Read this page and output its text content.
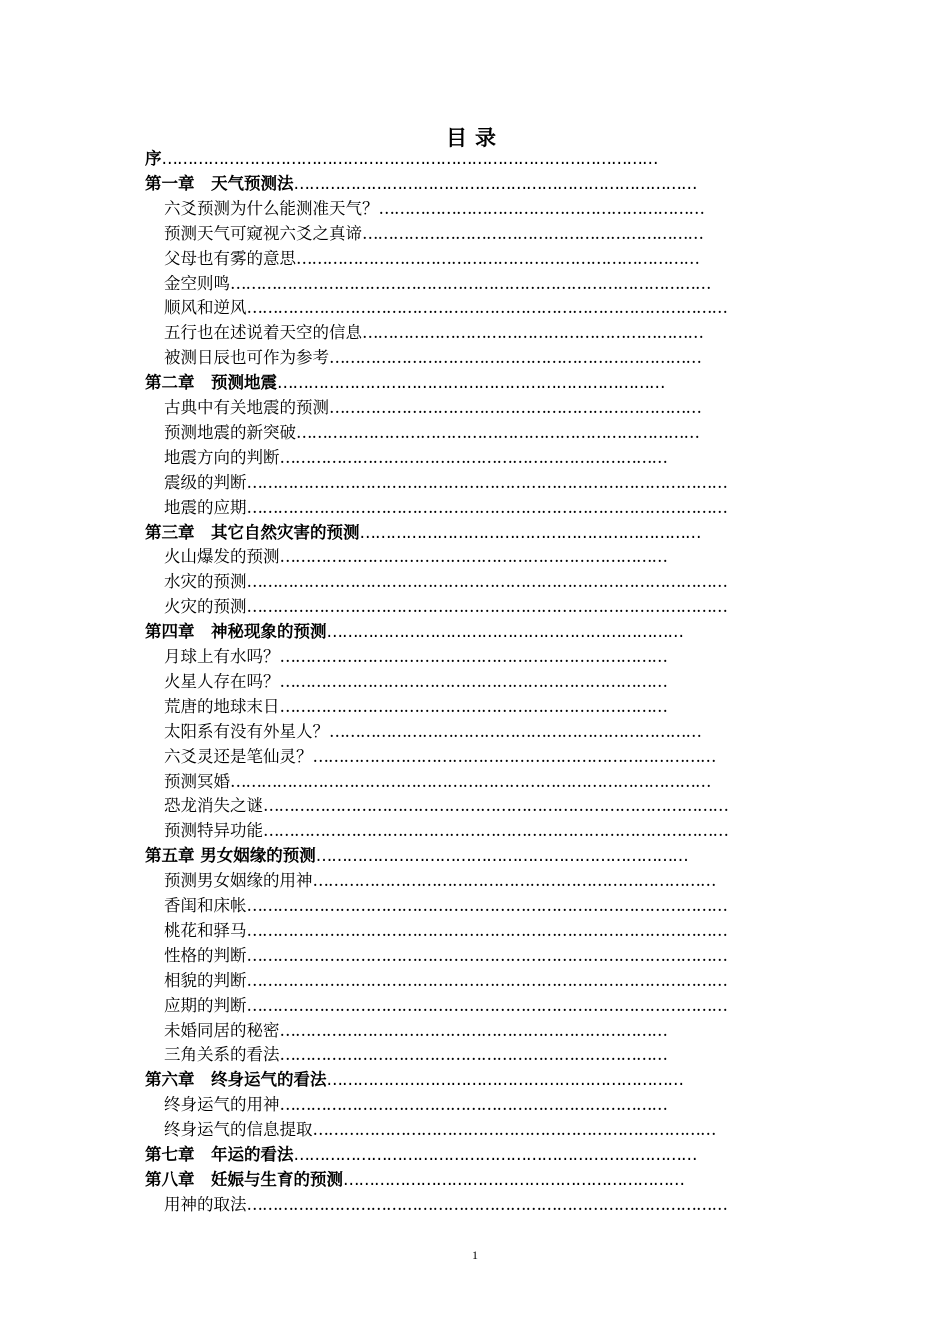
目录
序……………………………………………………………………………………
第一章　天气预测法……………………………………………………………………
六爻预测为什么能测准天气？………………………………………………………
预测天气可窥视六爻之真谛…………………………………………………………
父母也有雾的意思……………………………………………………………………
金空则鸣…………………………………………………………………………………
顺风和逆风…………………………………………………………………………………
五行也在述说着天空的信息…………………………………………………………
被测日辰也可作为参考………………………………………………………………
第二章　预测地震…………………………………………………………………
古典中有关地震的预测………………………………………………………………
预测地震的新突破……………………………………………………………………
地震方向的判断…………………………………………………………………
震级的判断…………………………………………………………………………………
地震的应期…………………………………………………………………………………
第三章　其它自然灾害的预测…………………………………………………………
火山爆发的预测…………………………………………………………………
水灾的预测…………………………………………………………………………………
火灾的预测…………………………………………………………………………………
第四章　神秘现象的预测……………………………………………………………
月球上有水吗？…………………………………………………………………
火星人存在吗？…………………………………………………………………
荒唐的地球末日…………………………………………………………………
太阳系有没有外星人？………………………………………………………………
六爻灵还是笔仙灵？……………………………………………………………………
预测冥婚…………………………………………………………………………………
恐龙消失之谜………………………………………………………………………………
预测特异功能………………………………………………………………………………
第五章 男女姻缘的预测………………………………………………………………
预测男女姻缘的用神……………………………………………………………………
香闺和床帐…………………………………………………………………………………
桃花和驿马…………………………………………………………………………………
性格的判断…………………………………………………………………………………
相貌的判断…………………………………………………………………………………
应期的判断…………………………………………………………………………………
未婚同居的秘密…………………………………………………………………
三角关系的看法…………………………………………………………………
第六章　终身运气的看法……………………………………………………………
终身运气的用神…………………………………………………………………
终身运气的信息提取……………………………………………………………………
第七章　年运的看法……………………………………………………………………
第八章　妊娠与生育的预测…………………………………………………………
用神的取法…………………………………………………………………………………
1
